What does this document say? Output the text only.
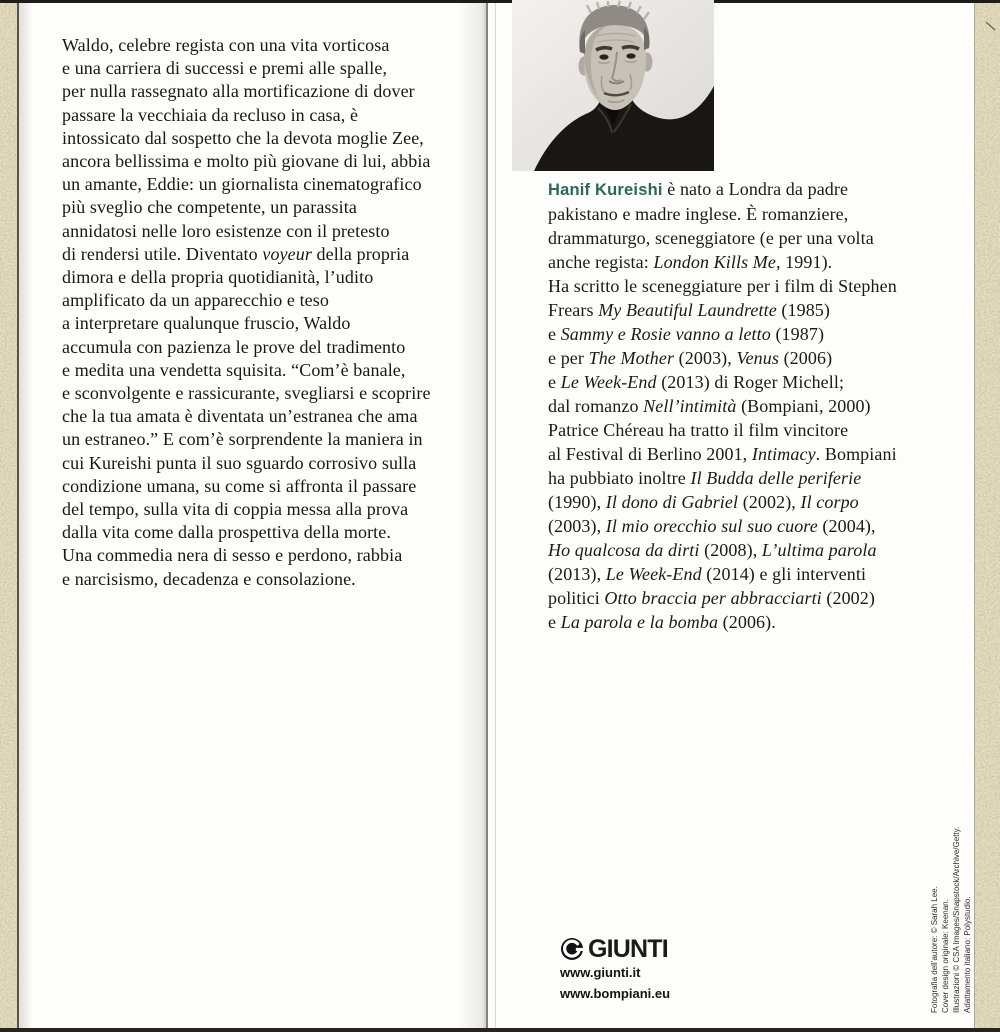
Waldo, celebre regista con una vita vorticosa
e una carriera di successi e premi alle spalle,
per nulla rassegnato alla mortificazione di dover
passare la vecchiaia da recluso in casa, è
intossicato dal sospetto che la devota moglie Zee,
ancora bellissima e molto più giovane di lui, abbia
un amante, Eddie: un giornalista cinematografico
più sveglio che competente, un parassita
annidatosi nelle loro esistenze con il pretesto
di rendersi utile. Diventato voyeur della propria
dimora e della propria quotidianità, l’udito
amplificato da un apparecchio e teso
a interpretare qualunque fruscio, Waldo
accumula con pazienza le prove del tradimento
e medita una vendetta squisita. “Com’è banale,
e sconvolgente e rassicurante, svegliarsi e scoprire
che la tua amata è diventata un’estranea che ama
un estraneo.” E com’è sorprendente la maniera in
cui Kureishi punta il suo sguardo corrosivo sulla
condizione umana, su come si affronta il passare
del tempo, sulla vita di coppia messa alla prova
dalla vita come dalla prospettiva della morte.
Una commedia nera di sesso e perdono, rabbia
e narcisismo, decadenza e consolazione.
Hanif Kureishi è nato a Londra da padre
pakistano e madre inglese. È romanziere,
drammaturgo, sceneggiatore (e per una volta
anche regista: London Kills Me, 1991).
Ha scritto le sceneggiature per i film di Stephen
Frears My Beautiful Laundrette (1985)
e Sammy e Rosie vanno a letto (1987)
e per The Mother (2003), Venus (2006)
e Le Week-End (2013) di Roger Michell;
dal romanzo Nell’intimità (Bompiani, 2000)
Patrice Chéreau ha tratto il film vincitore
al Festival di Berlino 2001, Intimacy. Bompiani
ha pubbiato inoltre Il Budda delle periferie
(1990), Il dono di Gabriel (2002), Il corpo
(2003), Il mio orecchio sul suo cuore (2004),
Ho qualcosa da dirti (2008), L’ultima parola
(2013), Le Week-End (2014) e gli interventi
politici Otto braccia per abbracciarti (2002)
e La parola e la bomba (2006).
GIUNTI
www.giunti.it
www.bompiani.eu	Fotografia dell’autore: © Sarah Lee. Cover design originale: Keenan. Illustrazioni © CSA Images/Snapstock/Archive/Getty. Adattamento italiano: Polystudio.
